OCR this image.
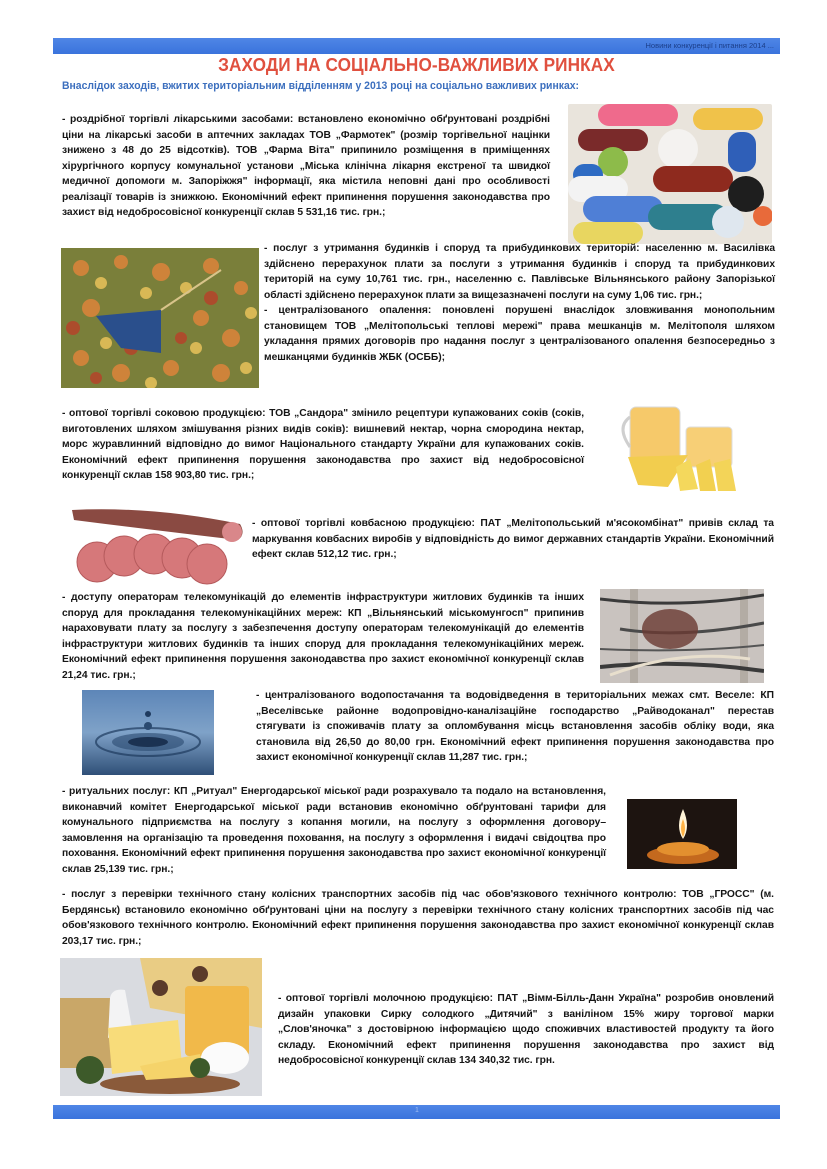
Новини конкуренції і питання 2014 ...
ЗАХОДИ НА СОЦІАЛЬНО-ВАЖЛИВИХ РИНКАХ
Внаслідок заходів, вжитих територіальним відділенням у 2013 році на соціально важливих ринках:
- роздрібної торгівлі лікарськими засобами: встановлено економічно обґрунтовані роздрібні ціни на лікарські засоби в аптечних закладах ТОВ „Фармотек" (розмір торгівельної націнки знижено з 48 до 25 відсотків). ТОВ „Фарма Віта" припинило розміщення в приміщеннях хірургічного корпусу комунальної установи „Міська клінічна лікарня екстреної та швидкої медичної допомоги м. Запоріжжя" інформації, яка містила неповні дані про особливості реалізації товарів із знижкою. Економічний ефект припинення порушення законодавства про захист від недобросовісної конкуренції склав 5 531,16 тис. грн.;
- послуг з утримання будинків і споруд та прибудинкових територій: населенню м. Василівка здійснено перерахунок плати за послуги з утримання будинків і споруд та прибудинкових територій на суму 10,761 тис. грн., населенню с. Павлівське Вільнянського району Запорізької області здійснено перерахунок плати за вищезазначені послуги на суму 1,06 тис. грн.;
- централізованого опалення: поновлені порушені внаслідок зловживання монопольним становищем ТОВ „Мелітопольські теплові мережі" права мешканців м. Мелітополя шляхом укладання прямих договорів про надання послуг з централізованого опалення безпосередньо з мешканцями будинків ЖБК (ОСББ);
- оптової торгівлі соковою продукцією: ТОВ „Сандора" змінило рецептури купажованих соків (соків, виготовлених шляхом змішування різних видів соків): вишневий нектар, чорна смородина нектар, морс журавлинний відповідно до вимог Національного стандарту України для купажованих соків. Економічний ефект припинення порушення законодавства про захист від недобросовісної конкуренції склав 158 903,80 тис. грн.;
- оптової торгівлі ковбасною продукцією: ПАТ „Мелітопольський м'ясокомбінат" привів склад та маркування ковбасних виробів у відповідність до вимог державних стандартів України. Економічний ефект склав 512,12 тис. грн.;
- доступу операторам телекомунікацій до елементів інфраструктури житлових будинків та інших споруд для прокладання телекомунікаційних мереж: КП „Вільнянський міськомунгосп" припинив нараховувати плату за послугу з забезпечення доступу операторам телекомунікацій до елементів інфраструктури житлових будинків та інших споруд для прокладання телекомунікаційних мереж. Економічний ефект припинення порушення законодавства про захист економічної конкуренції склав 21,24 тис. грн.;
- централізованого водопостачання та водовідведення в територіальних межах смт. Веселе: КП „Веселівське районне водопровідно-каналізаційне господарство „Райводоканал" перестав стягувати із споживачів плату за опломбування місць встановлення засобів обліку води, яка становила від 26,50 до 80,00 грн. Економічний ефект припинення порушення законодавства про захист економічної конкуренції склав 11,287 тис. грн.;
- ритуальних послуг: КП „Ритуал" Енергодарської міської ради розрахувало та подало на встановлення, виконавчий комітет Енергодарської міської ради встановив економічно обґрунтовані тарифи для комунального підприємства на послугу з копання могили, на послугу з оформлення договору–замовлення на організацію та проведення поховання, на послугу з оформлення і видачі свідоцтва про поховання. Економічний ефект припинення порушення законодавства про захист економічної конкуренції склав 25,139 тис. грн.;
- послуг з перевірки технічного стану колісних транспортних засобів під час обов'язкового технічного контролю: ТОВ „ГРОСС" (м. Бердянськ) встановило економічно обґрунтовані ціни на послугу з перевірки технічного стану колісних транспортних засобів під час обов'язкового технічного контролю. Економічний ефект припинення порушення законодавства про захист економічної конкуренції склав 203,17 тис. грн.;
- оптової торгівлі молочною продукцією: ПАТ „Вімм-Білль-Данн Україна" розробив оновлений дизайн упаковки Сирку солодкого „Дитячий" з ваніліном 15% жиру торгової марки „Слов'яночка" з достовірною інформацією щодо споживчих властивостей продукту та його складу. Економічний ефект припинення порушення законодавства про захист від недобросовісної конкуренції склав 134 340,32 тис. грн.
1
